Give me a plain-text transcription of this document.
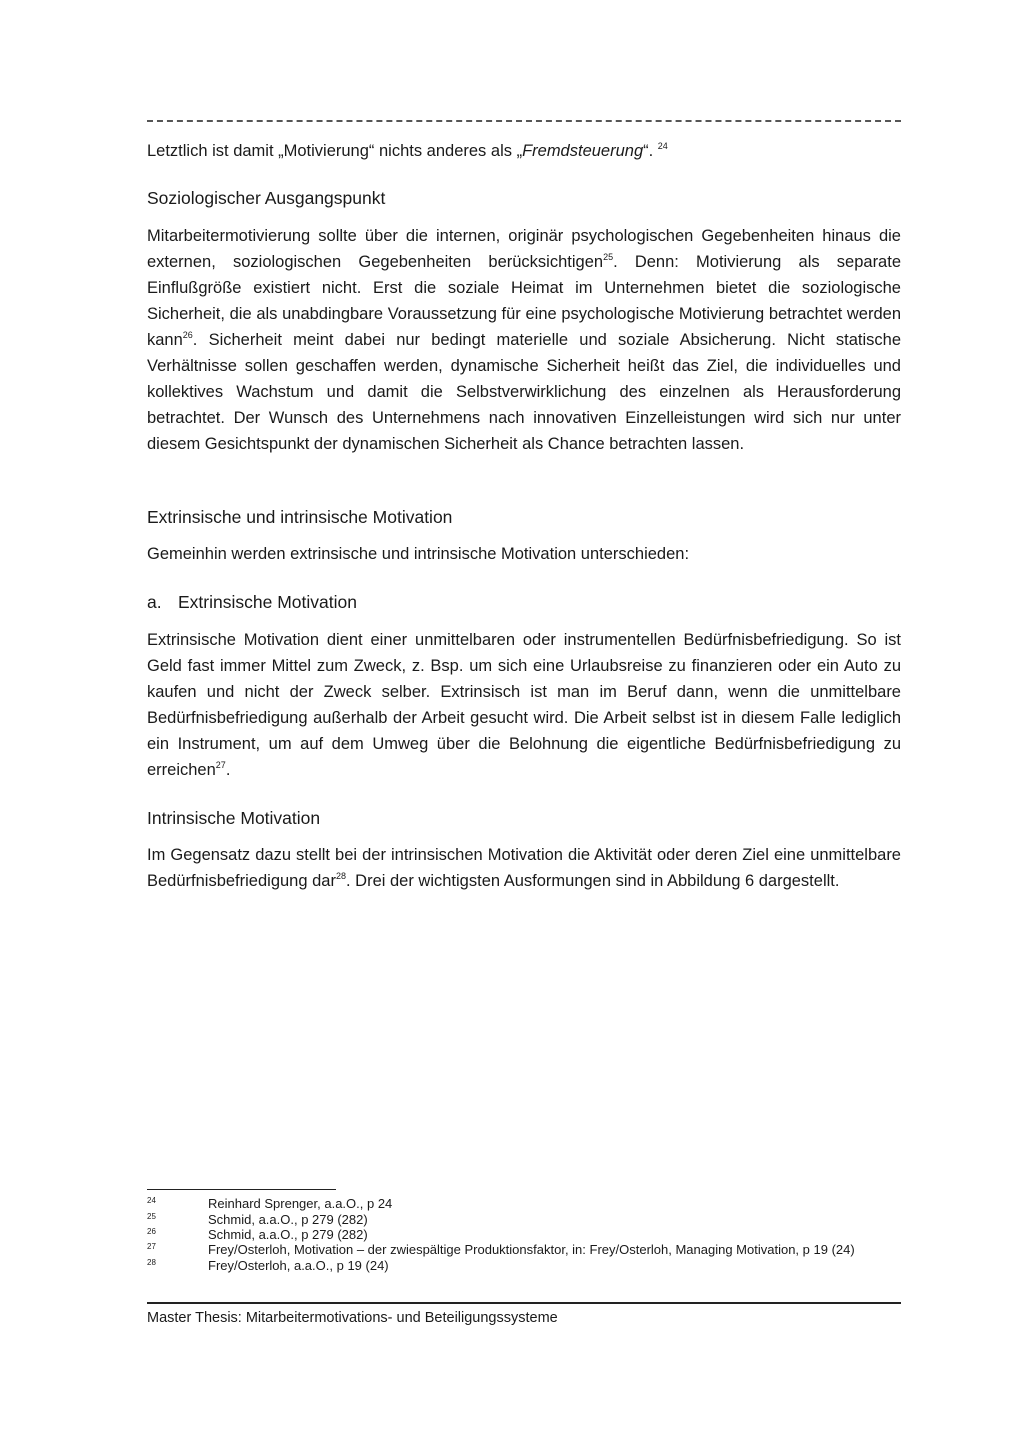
Letztlich ist damit „Motivierung“ nichts anderes als „Fremdsteuerung“. $^{24}$
Soziologischer Ausgangspunkt
Mitarbeitermotivierung sollte über die internen, originär psychologischen Gegebenheiten hinaus die externen, soziologischen Gegebenheiten berücksichtigen$^{25}$. Denn: Motivierung als separate Einflußgröße existiert nicht. Erst die soziale Heimat im Unternehmen bietet die soziologische Sicherheit, die als unabdingbare Voraussetzung für eine psychologische Motivierung betrachtet werden kann$^{26}$. Sicherheit meint dabei nur bedingt materielle und soziale Absicherung. Nicht statische Verhältnisse sollen geschaffen werden, dynamische Sicherheit heißt das Ziel, die individuelles und kollektives Wachstum und damit die Selbstverwirklichung des einzelnen als Herausforderung betrachtet. Der Wunsch des Unternehmens nach innovativen Einzelleistungen wird sich nur unter diesem Gesichtspunkt der dynamischen Sicherheit als Chance betrachten lassen.
Extrinsische und intrinsische Motivation
Gemeinhin werden extrinsische und intrinsische Motivation unterschieden:
a. Extrinsische Motivation
Extrinsische Motivation dient einer unmittelbaren oder instrumentellen Bedürfnisbefriedigung. So ist Geld fast immer Mittel zum Zweck, z. Bsp. um sich eine Urlaubsreise zu finanzieren oder ein Auto zu kaufen und nicht der Zweck selber. Extrinsisch ist man im Beruf dann, wenn die unmittelbare Bedürfnisbefriedigung außerhalb der Arbeit gesucht wird. Die Arbeit selbst ist in diesem Falle lediglich ein Instrument, um auf dem Umweg über die Belohnung die eigentliche Bedürfnisbefriedigung zu erreichen$^{27}$.
Intrinsische Motivation
Im Gegensatz dazu stellt bei der intrinsischen Motivation die Aktivität oder deren Ziel eine unmittelbare Bedürfnisbefriedigung dar$^{28}$. Drei der wichtigsten Ausformungen sind in Abbildung 6 dargestellt.
24	Reinhard Sprenger, a.a.O., p 24
25	Schmid, a.a.O., p 279 (282)
26	Schmid, a.a.O., p 279 (282)
27	Frey/Osterloh, Motivation – der zwiespältige Produktionsfaktor, in: Frey/Osterloh, Managing Motivation, p 19 (24)
28	Frey/Osterloh, a.a.O., p 19 (24)
Master Thesis: Mitarbeitermotivations- und Beteiligungssysteme
